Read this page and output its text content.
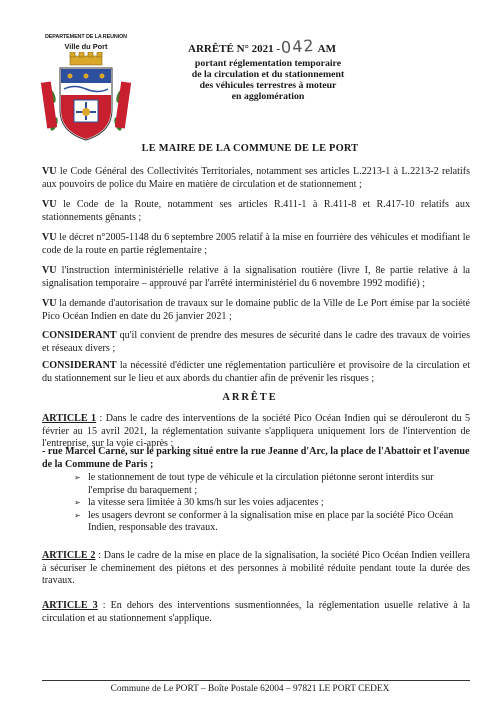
DEPARTEMENT DE LA REUNION
Ville du Port	ARRÊTÉ N° 2021 -042 AM
portant réglementation temporaire
de la circulation et du stationnement
des véhicules terrestres à moteur
en agglomération
LE MAIRE DE LA COMMUNE DE LE PORT
VU le Code Général des Collectivités Territoriales, notamment ses articles L.2213-1 à L.2213-2 relatifs aux pouvoirs de police du Maire en matière de circulation et de stationnement ;
VU le Code de la Route, notamment ses articles R.411-1 à R.411-8 et R.417-10 relatifs aux stationnements gênants ;
VU le décret n°2005-1148 du 6 septembre 2005 relatif à la mise en fourrière des véhicules et modifiant le code de la route en partie réglementaire ;
VU l'instruction interministérielle relative à la signalisation routière (livre I, 8e partie relative à la signalisation temporaire – approuvé par l'arrêté interministériel du 6 novembre 1992 modifié) ;
VU la demande d'autorisation de travaux sur le domaine public de la Ville de Le Port émise par la société Pico Océan Indien en date du 26 janvier 2021 ;
CONSIDERANT qu'il convient de prendre des mesures de sécurité dans le cadre des travaux de voiries et réseaux divers ;
CONSIDERANT la nécessité d'édicter une réglementation particulière et provisoire de la circulation et du stationnement sur le lieu et aux abords du chantier afin de prévenir les risques ;
ARRÊTE
ARTICLE 1 : Dans le cadre des interventions de la société Pico Océan Indien qui se dérouleront du 5 février au 15 avril 2021, la réglementation suivante s'appliquera uniquement lors de l'intervention de l'entreprise, sur la voie ci-après :
- rue Marcel Carné, sur le parking situé entre la rue Jeanne d'Arc, la place de l'Abattoir et l'avenue de la Commune de Paris ;
➢ le stationnement de tout type de véhicule et la circulation piétonne seront interdits sur l'emprise du baraquement ;
➢ la vitesse sera limitée à 30 kms/h sur les voies adjacentes ;
➢ les usagers devront se conformer à la signalisation mise en place par la société Pico Océan Indien, responsable des travaux.
ARTICLE 2 : Dans le cadre de la mise en place de la signalisation, la société Pico Océan Indien veillera à sécuriser le cheminement des piétons et des personnes à mobilité réduite pendant toute la durée des travaux.
ARTICLE 3 : En dehors des interventions susmentionnées, la réglementation usuelle relative à la circulation et au stationnement s'applique.
Commune de Le PORT – Boîte Postale 62004 – 97821 LE PORT CEDEX
